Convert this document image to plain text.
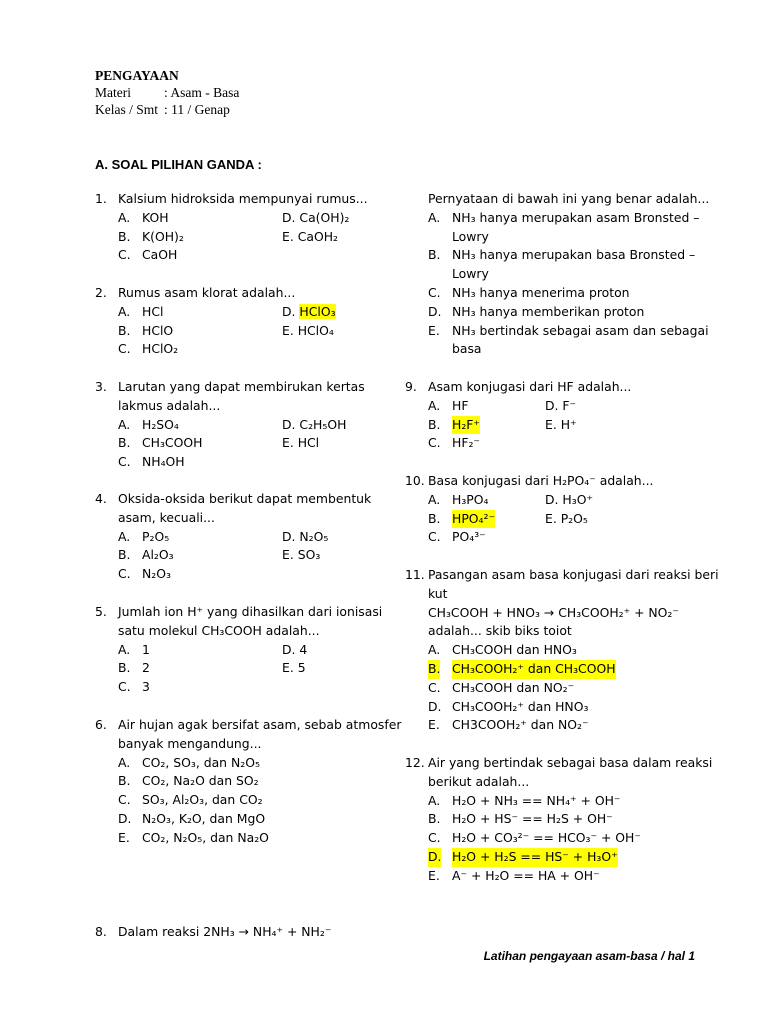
PENGAYAAN
Materi : Asam - Basa
Kelas / Smt : 11 / Genap
A. SOAL PILIHAN GANDA :
1. Kalsium hidroksida mempunyai rumus...
A. KOH	D. Ca(OH)₂
B. K(OH)₂	E. CaOH₂
C. CaOH
2. Rumus asam klorat adalah...
A. HCl	D. HClO₃
B. HClO	E. HClO₄
C. HClO₂
3. Larutan yang dapat membirukan kertas
lakmus adalah...
A. H₂SO₄	D. C₂H₅OH
B. CH₃COOH	E. HCl
C. NH₄OH
4. Oksida-oksida berikut dapat membentuk
asam, kecuali...
A. P₂O₅	D. N₂O₅
B. Al₂O₃	E. SO₃
C. N₂O₃
5. Jumlah ion H⁺ yang dihasilkan dari ionisasi
satu molekul CH₃COOH adalah...
A. 1	D. 4
B. 2	E. 5
C. 3
6. Air hujan agak bersifat asam, sebab atmosfer
banyak mengandung...
A. CO₂, SO₃, dan N₂O₅
B. CO₂, Na₂O dan SO₂
C. SO₃, Al₂O₃, dan CO₂
D. N₂O₃, K₂O, dan MgO
E. CO₂, N₂O₅, dan Na₂O
8. Dalam reaksi 2NH₃ → NH₄⁺ + NH₂⁻
Pernyataan di bawah ini yang benar adalah...
A. NH₃ hanya merupakan asam Bronsted –
Lowry
B. NH₃ hanya merupakan basa Bronsted –
Lowry
C. NH₃ hanya menerima proton
D. NH₃ hanya memberikan proton
E. NH₃ bertindak sebagai asam dan sebagai
basa
9. Asam konjugasi dari HF adalah...
A. HF	D. F⁻
B. H₂F⁺	E. H⁺
C. HF₂⁻
10. Basa konjugasi dari H₂PO₄⁻ adalah...
A. H₃PO₄	D. H₃O⁺
B. HPO₄²⁻	E. P₂O₅
C. PO₄³⁻
11. Pasangan asam basa konjugasi dari reaksi beri
kut
CH₃COOH + HNO₃ → CH₃COOH₂⁺ + NO₂⁻
adalah... skib biks toiot
A. CH₃COOH dan HNO₃
B. CH₃COOH₂⁺ dan CH₃COOH
C. CH₃COOH dan NO₂⁻
D. CH₃COOH₂⁺ dan HNO₃
E. CH3COOH₂⁺ dan NO₂⁻
12. Air yang bertindak sebagai basa dalam reaksi
berikut adalah...
A. H₂O + NH₃ == NH₄⁺ + OH⁻
B. H₂O + HS⁻ == H₂S + OH⁻
C. H₂O + CO₃²⁻ == HCO₃⁻ + OH⁻
D. H₂O + H₂S == HS⁻ + H₃O⁺
E. A⁻ + H₂O == HA + OH⁻
Latihan pengayaan asam-basa / hal 1
